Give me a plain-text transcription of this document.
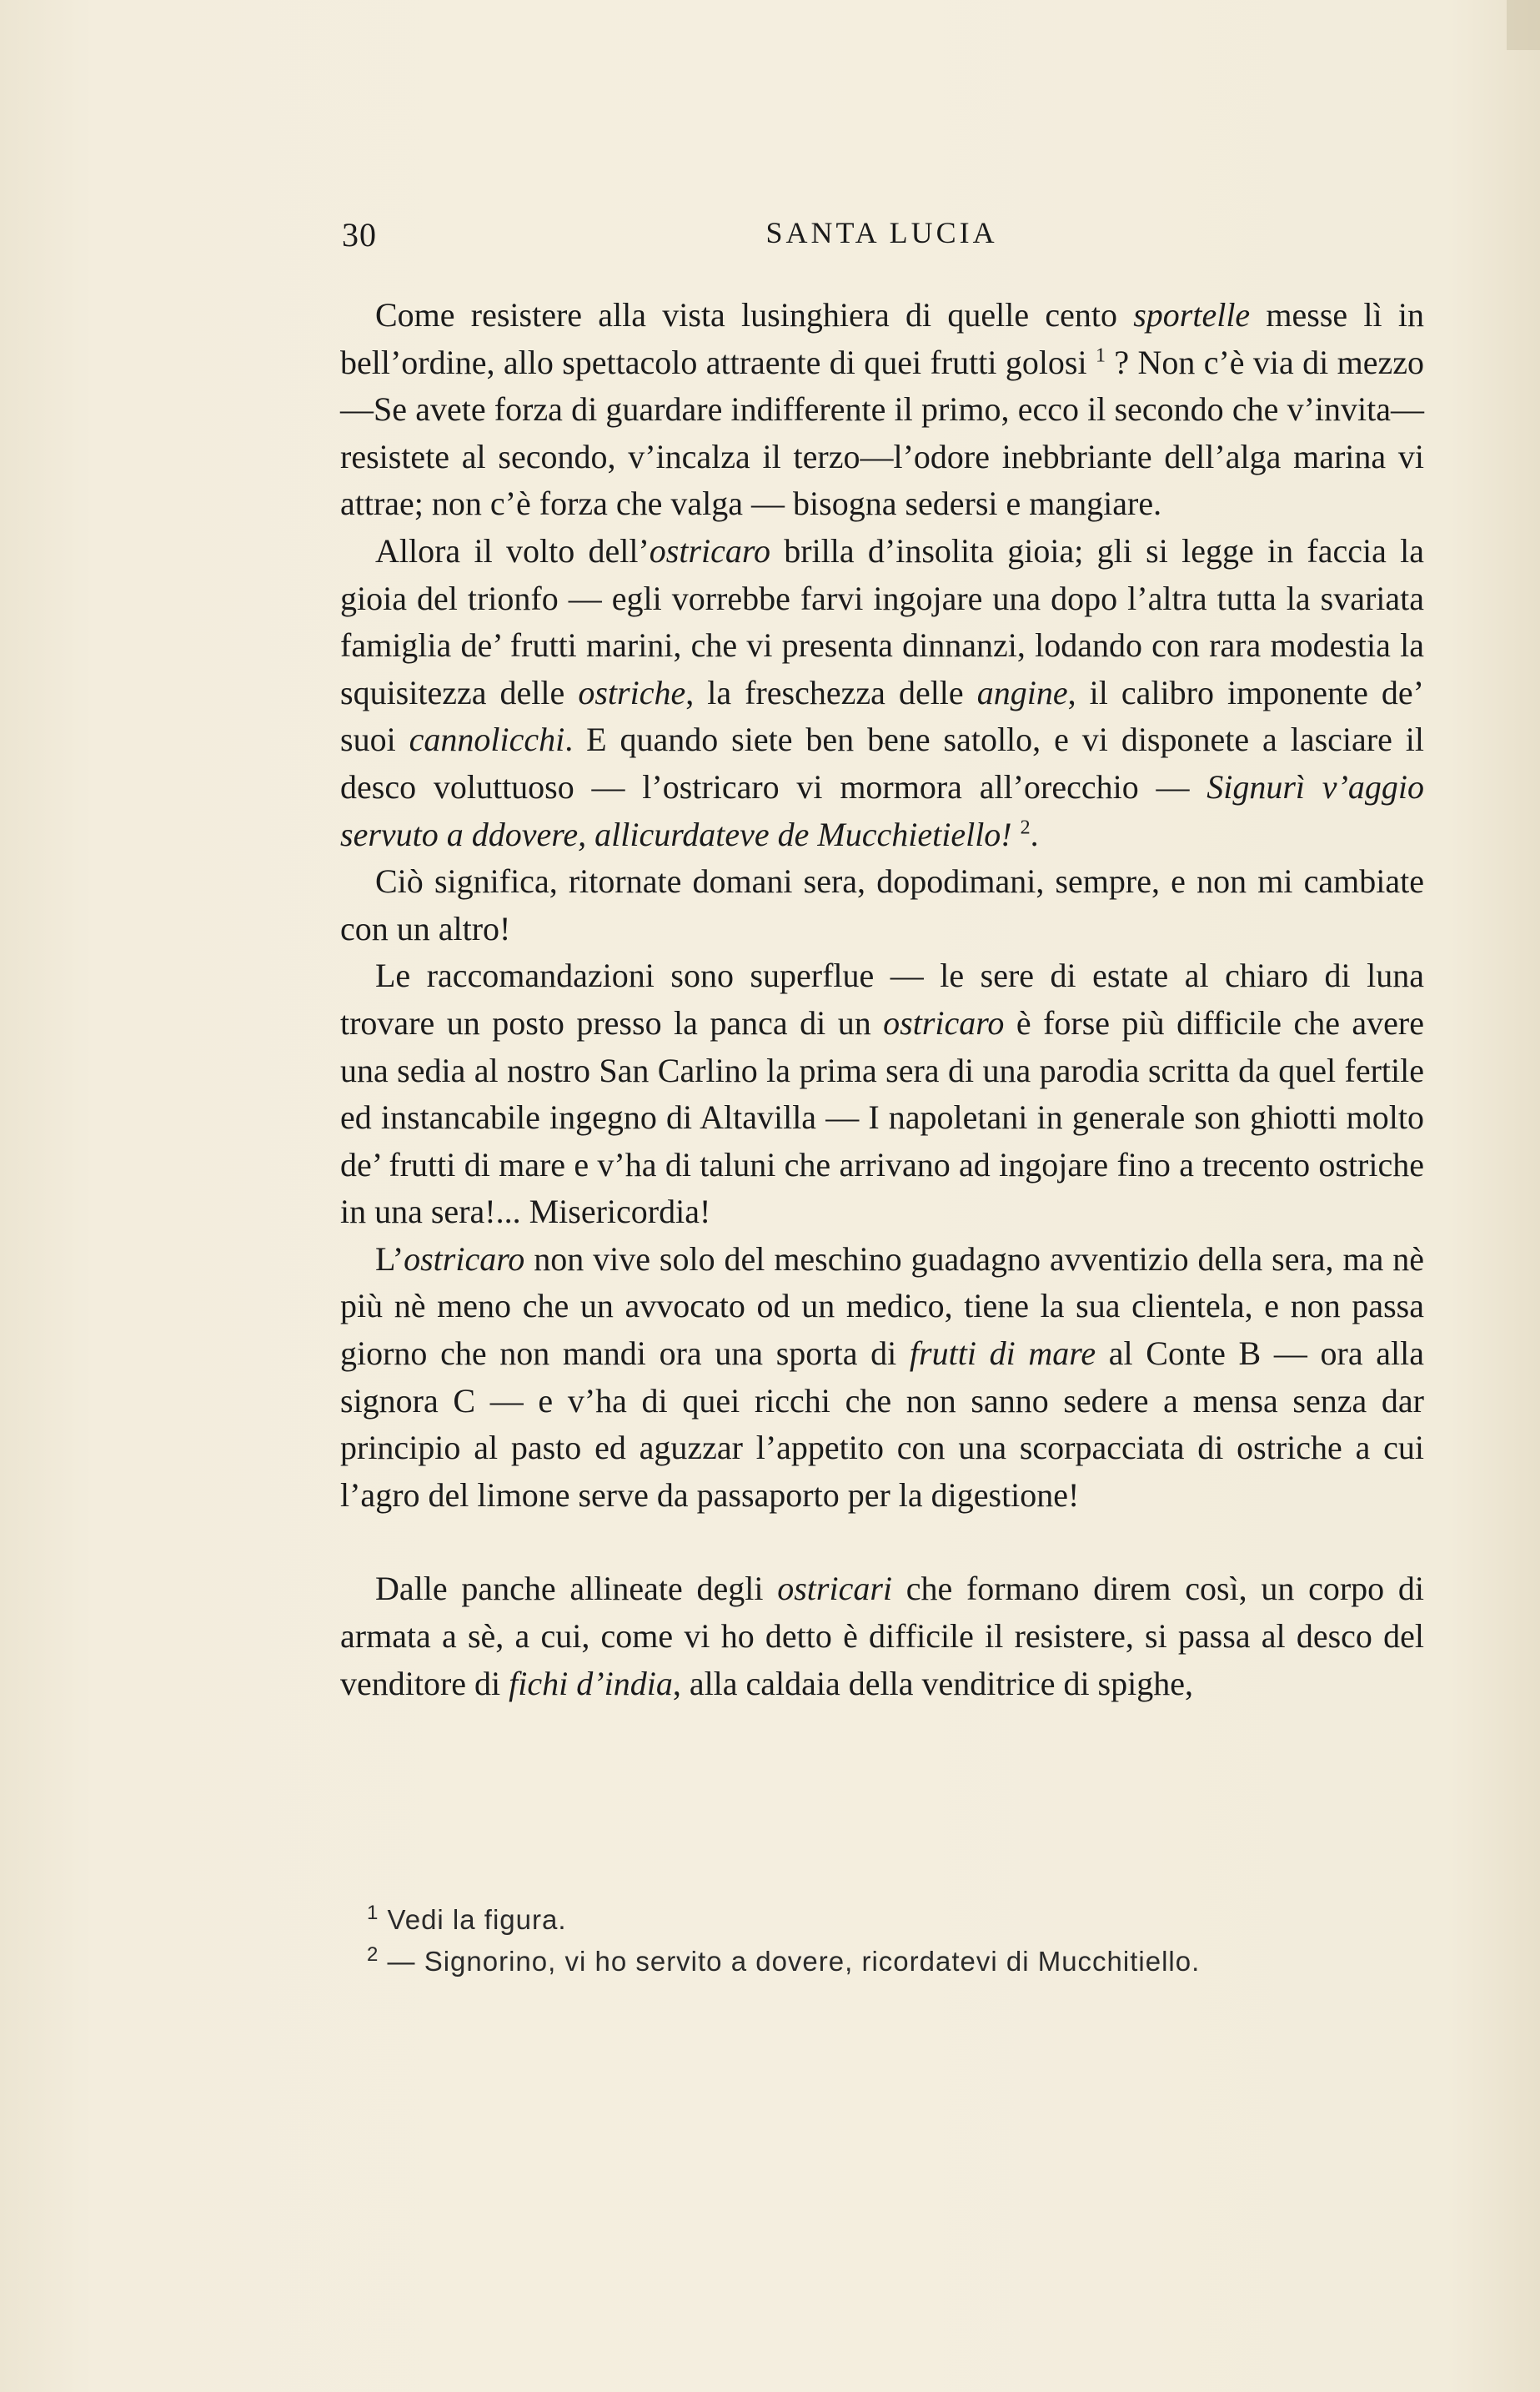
30	SANTA LUCIA

Come resistere alla vista lusinghiera di quelle cento sportelle messe lì in bell’ordine, allo spettacolo attraente di quei frutti golosi $^1$ ? Non c’è via di mezzo—Se avete forza di guardare indifferente il primo, ecco il secondo che v’invita—resistete al secondo, v’incalza il terzo—l’odore inebbriante dell’alga marina vi attrae; non c’è forza che valga — bisogna sedersi e mangiare.

Allora il volto dell’ostricaro brilla d’insolita gioia; gli si legge in faccia la gioia del trionfo — egli vorrebbe farvi ingojare una dopo l’altra tutta la svariata famiglia de’ frutti marini, che vi presenta dinnanzi, lodando con rara modestia la squisitezza delle ostriche, la freschezza delle angine, il calibro imponente de’ suoi cannolicchi. E quando siete ben bene satollo, e vi disponete a lasciare il desco voluttuoso — l’ostricaro vi mormora all’orecchio — Signurì v’aggio servuto a ddovere, allicurdateve de Mucchietiello! $^2$.

Ciò significa, ritornate domani sera, dopodimani, sempre, e non mi cambiate con un altro!

Le raccomandazioni sono superflue — le sere di estate al chiaro di luna trovare un posto presso la panca di un ostricaro è forse più difficile che avere una sedia al nostro San Carlino la prima sera di una parodia scritta da quel fertile ed instancabile ingegno di Altavilla — I napoletani in generale son ghiotti molto de’ frutti di mare e v’ha di taluni che arrivano ad ingojare fino a trecento ostriche in una sera!... Misericordia!

L’ostricaro non vive solo del meschino guadagno avventizio della sera, ma nè più nè meno che un avvocato od un medico, tiene la sua clientela, e non passa giorno che non mandi ora una sporta di frutti di mare al Conte B — ora alla signora C — e v’ha di quei ricchi che non sanno sedere a mensa senza dar principio al pasto ed aguzzar l’appetito con una scorpacciata di ostriche a cui l’agro del limone serve da passaporto per la digestione!

Dalle panche allineate degli ostricari che formano direm così, un corpo di armata a sè, a cui, come vi ho detto è difficile il resistere, si passa al desco del venditore di fichi d’india, alla caldaia della venditrice di spighe,

$^1$ Vedi la figura.
$^2$ — Signorino, vi ho servito a dovere, ricordatevi di Mucchitiello.
